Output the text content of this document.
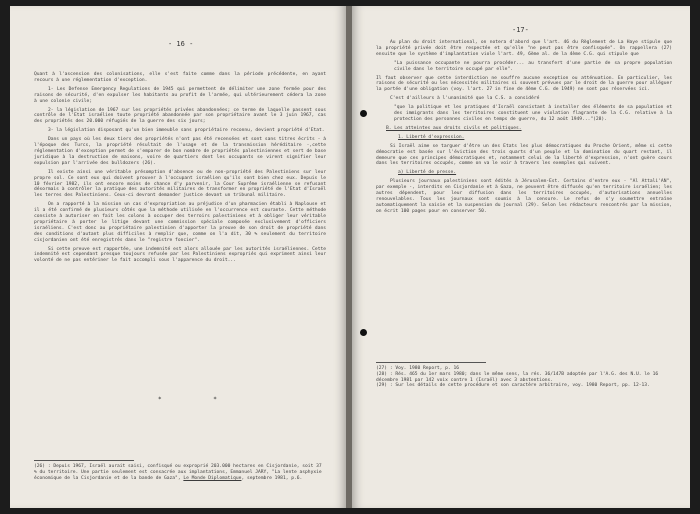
- 16 -

Quant à l'ascension des colonisations, elle s'est faite comme dans la période précédente, en ayant recours à une réglementation d'exception.

1- Les Defense Emergency Regulations de 1945 qui permettent de délimiter une zone fermée pour des raisons de sécurité, d'en expulser les habitants au profit de l'armée, qui ultérieurement cédera la zone à une colonie civile;

2- la législation de 1967 sur les propriétés privées abandonnées; ce terme de laquelle passent sous contrôle de l'Etat israélien toute propriété abandonnée par son propriétaire avant le 3 juin 1967, cas des propriétés des 20.000 réfugiés de la guerre des six jours;

3- la législation disposant qu'un bien immeuble sans propriétaire reconnu, devient propriété d'Etat.

Dans un pays où les deux tiers des propriétés n'ont pas été recensées et sont sans titres écrits - à l'époque des Turcs, la propriété résultait de l'usage et de la transmission héréditaire -,cette réglementation d'exception permet de s'emparer de bon nombre de propriétés palestiniennes et sert de base juridique à la destruction de maisons, voire de quartiers dont les occupants se virent signifier leur expulsion par l'arrivée des bulldozers (26).

Il existe ainsi une véritable présomption d'absence ou de non-propriété des Palestiniens sur leur propre sol. Ce sont eux qui doivent prouver à l'occupant israélien qu'ils sont bien chez eux. Depuis le 10 février 1982, ils ont encore moins de chance d'y parvenir, la Cour Suprême israélienne se refusant désormais à contrôler la pratique des autorités militaires de transformer en propriété de l'Etat d'Israël les terres des Palestiniens. Ceux-ci devront demander justice devant un tribunal militaire.

On a rapporté à la mission un cas d'expropriation au préjudice d'un pharmacien établi à Naplouse et il a été confirmé de plusieurs côtés que la méthode utilisée en l'occurrence est courante. Cette méthode consiste à autoriser en fait les colons à occuper des terroirs palestiniens et à obliger leur véritable propriétaire à porter le litige devant une commission spéciale composée exclusivement d'officiers israéliens. C'est donc au propriétaire palestinien d'apporter la preuve de son droit de propriété dans des conditions d'autant plus difficiles à remplir que, comme on l'a dit, 30 % seulement du territoire cisjordanien ont été enregistrés dans le "registre foncier".

Si cette preuve est rapportée, une indemnité est alors allouée par les autorités israéliennes. Cette indemnité est cependant presque toujours refusée par les Palestiniens expropriés qui expriment ainsi leur volonté de ne pas entériner le fait accompli sous l'apparence du droit...

* *
(26) : Depuis 1967, Israël aurait saisi, confisqué ou exproprié 203.000 hectares en Cisjordanie, soit 37 % du territoire. Une partie seulement est consacrée aux implantations, Emmanuel JARY, "La lente asphyxie économique de la Cisjordanie et de la bande de Gaza", Le Monde Diplomatique, septembre 1981, p.6.
-17-

Au plan du droit international, on notera d'abord que l'art. 46 du Règlement de La Haye stipule que la propriété privée doit être respectée et qu'elle "ne peut pas être confisquée". On rappellera (27) ensuite que le système d'implantation viole l'art. 49, 6ème al. de la 4ème C.G. qui stipule que

"La puissance occupante ne pourra procéder... au transfert d'une partie de sa propre population civile dans le territoire occupé par elle".

Il faut observer que cette interdiction ne souffre aucune exception ou atténuation. En particulier, les raisons de sécurité ou les nécessités militaires si souvent prévues par le droit de la guerre pour alléguer la portée d'une obligation (voy. l'art. 27 in fine de 4ème C.G. de 1949) ne sont pas réservées ici.

C'est d'ailleurs à l'unanimité que la C.S. a considéré

"que la politique et les pratiques d'Israël consistant à installer des éléments de sa population et des immigrants dans les territoires constituent une violation flagrante de la C.G. relative à la protection des personnes civiles en temps de guerre, du 12 août 1949..."(28).

B. Les atteintes aux droits civils et politiques.

1. Liberté d'expression.

Si Israël aime se targuer d'être un des Etats les plus démocratiques du Proche Orient, même si cette démocratie est basée sur l'éviction des trois quarts d'un peuple et la domination du quart restant, il demeure que ces principes démocratiques et, notamment celui de la liberté d'expression, n'ont guère cours dans les territoires occupés, comme on va le voir à travers les exemples qui suivent.

a) Liberté de presse.

Plusieurs journaux palestiniens sont édités à Jérusalem-Est. Certains d'entre eux - "Al Attali'AN", par exemple -, interdits en Cisjordanie et à Gaza, ne peuvent être diffusés qu'en territoire israélien; les autres dépendent, pour leur diffusion dans les territoires occupés, d'autorisations annuelles renouvelables. Tous les journaux sont soumis à la censure. Le refus de s'y soumettre entraîne automatiquement la saisie et la suspension du journal (29). Selon les rédacteurs rencontrés par la mission, on écrit 100 pages pour en conserver 50.

(27) : Voy. 1980 Report, p. 16
(28) : Rés. 465 du 1er mars 1980; dans le même sens, la rés. 36/147B adoptée par l'A.G. des N.U. le 16 décembre 1981 par 142 voix contre 1 (Israël) avec 3 abstentions.
(29) : Sur les détails de cette procédure et son caractère arbitraire, voy. 1980 Report, pp. 12-13.
